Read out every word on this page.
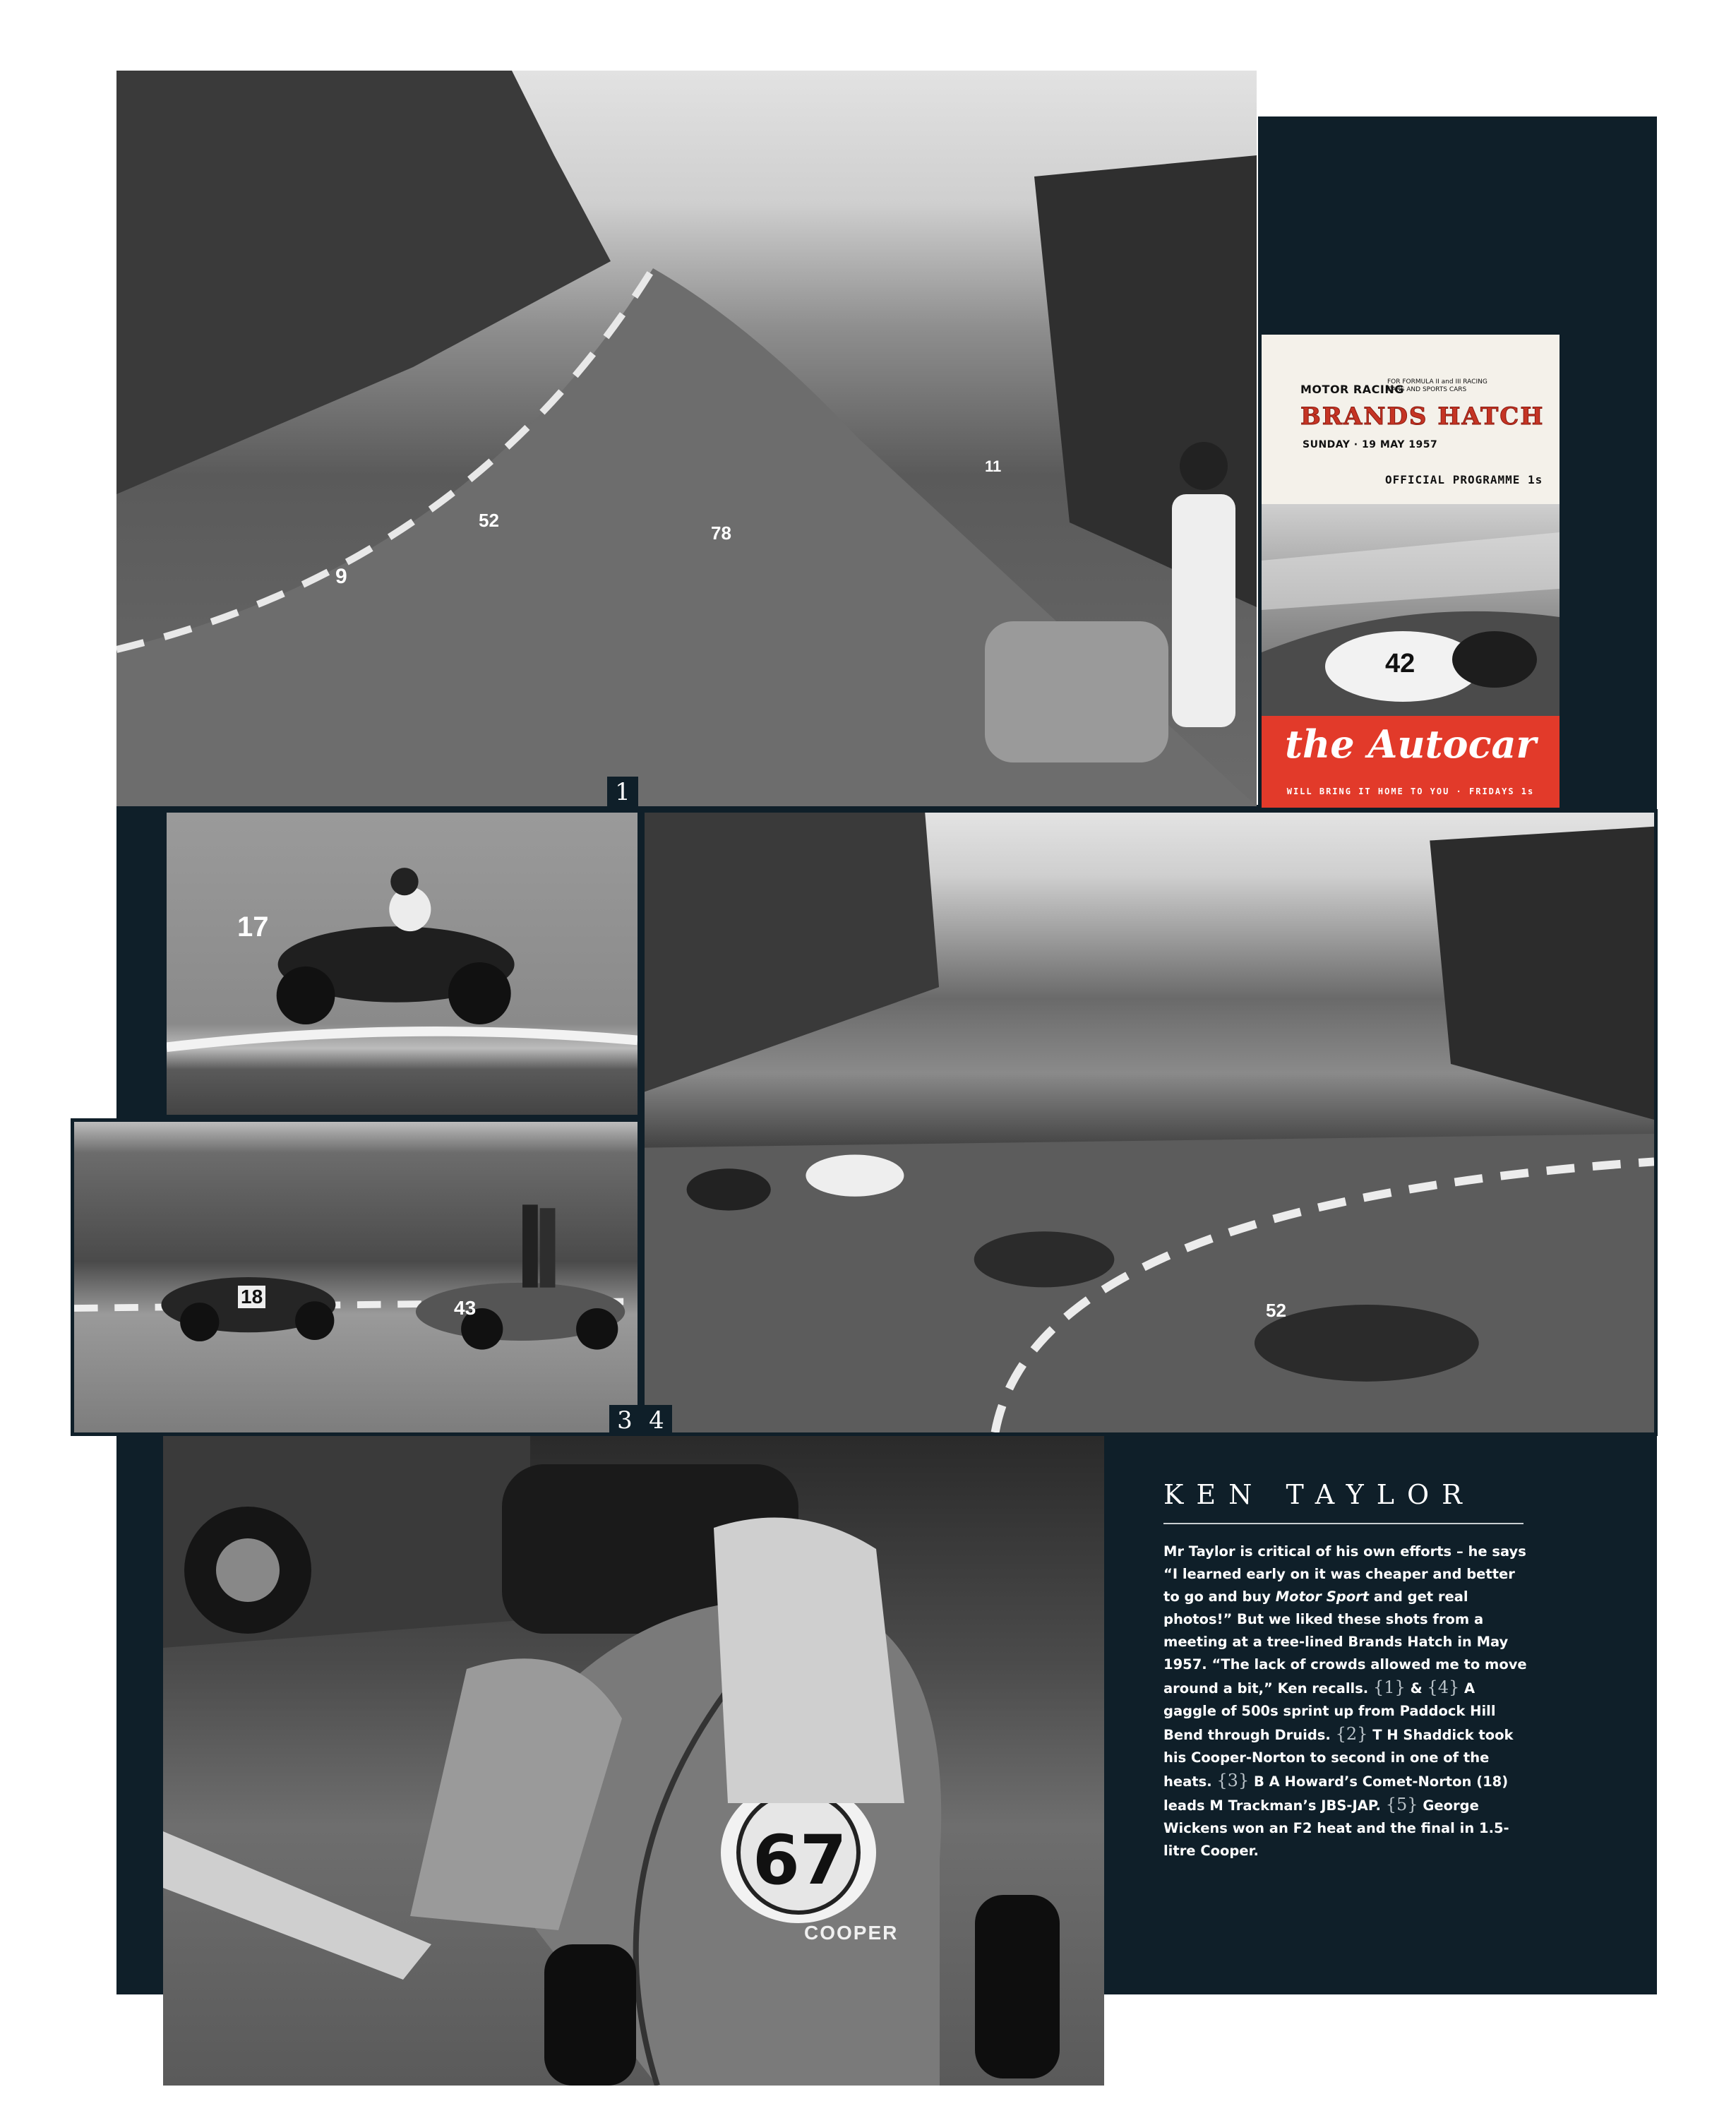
9
52
78
11
MOTOR RACING
FOR FORMULA II and III RACING CARS AND SPORTS CARS
BRANDS HATCH
SUNDAY · 19 MAY 1957
OFFICIAL PROGRAMME 1s
42
the Autocar
WILL BRING IT HOME TO YOU · FRIDAYS 1s
1
17
18
43	52
3 4
67
COOPER
KEN TAYLOR
Mr Taylor is critical of his own efforts – he says “I learned early on it was cheaper and better to go and buy Motor Sport and get real photos!” But we liked these shots from a meeting at a tree-lined Brands Hatch in May 1957. “The lack of crowds allowed me to move around a bit,” Ken recalls. {1} & {4} A gaggle of 500s sprint up from Paddock Hill Bend through Druids. {2} T H Shaddick took his Cooper-Norton to second in one of the heats. {3} B A Howard’s Comet-Norton (18) leads M Trackman’s JBS-JAP. {5} George Wickens won an F2 heat and the final in 1.5-litre Cooper.
